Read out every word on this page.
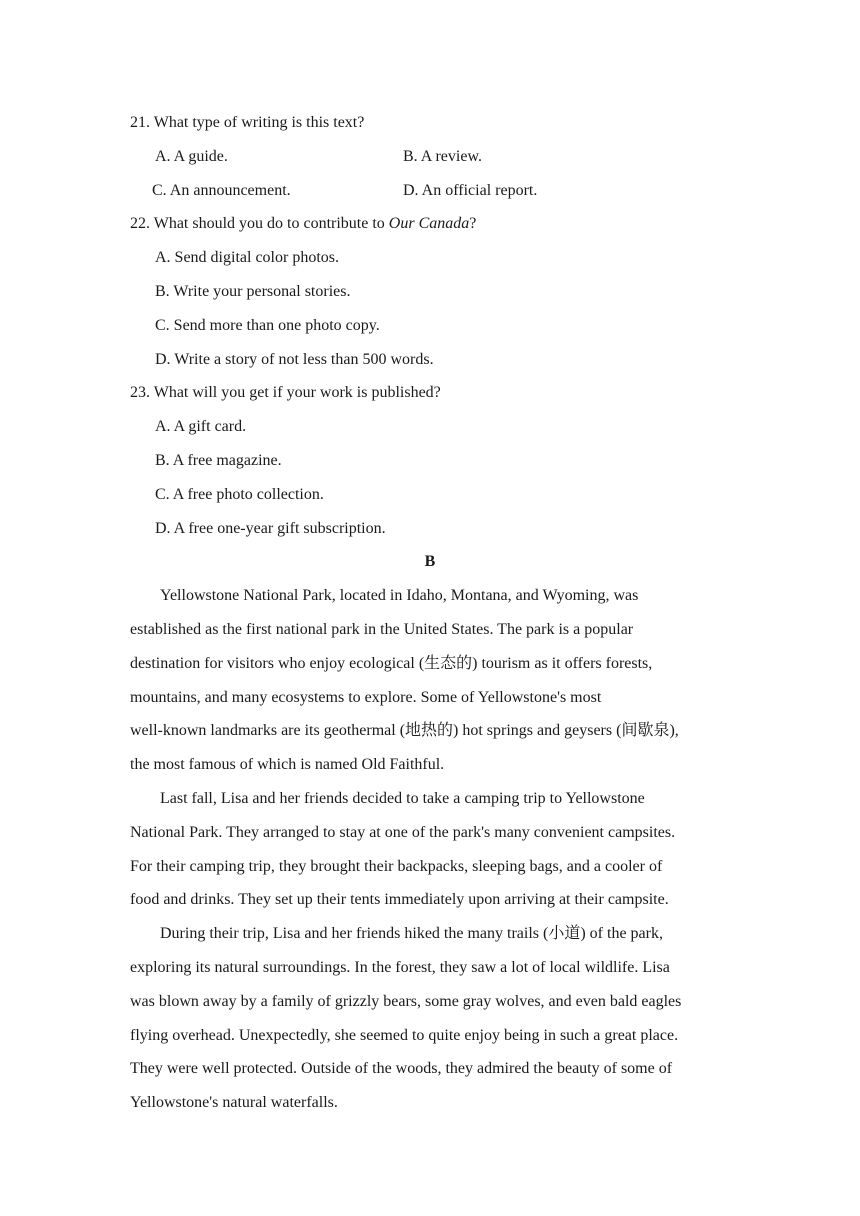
21. What type of writing is this text?
A. A guide.	B. A review.
C. An announcement.	D. An official report.
22. What should you do to contribute to Our Canada?
A. Send digital color photos.
B. Write your personal stories.
C. Send more than one photo copy.
D. Write a story of not less than 500 words.
23. What will you get if your work is published?
A. A gift card.
B. A free magazine.
C. A free photo collection.
D. A free one-year gift subscription.
B
Yellowstone National Park, located in Idaho, Montana, and Wyoming, was
established as the first national park in the United States. The park is a popular
destination for visitors who enjoy ecological (生态的) tourism as it offers forests,
mountains, and many ecosystems to explore. Some of Yellowstone's most
well-known landmarks are its geothermal (地热的) hot springs and geysers (间歇泉),
the most famous of which is named Old Faithful.
Last fall, Lisa and her friends decided to take a camping trip to Yellowstone
National Park. They arranged to stay at one of the park's many convenient campsites.
For their camping trip, they brought their backpacks, sleeping bags, and a cooler of
food and drinks. They set up their tents immediately upon arriving at their campsite.
During their trip, Lisa and her friends hiked the many trails (小道) of the park,
exploring its natural surroundings. In the forest, they saw a lot of local wildlife. Lisa
was blown away by a family of grizzly bears, some gray wolves, and even bald eagles
flying overhead. Unexpectedly, she seemed to quite enjoy being in such a great place.
They were well protected. Outside of the woods, they admired the beauty of some of
Yellowstone's natural waterfalls.
